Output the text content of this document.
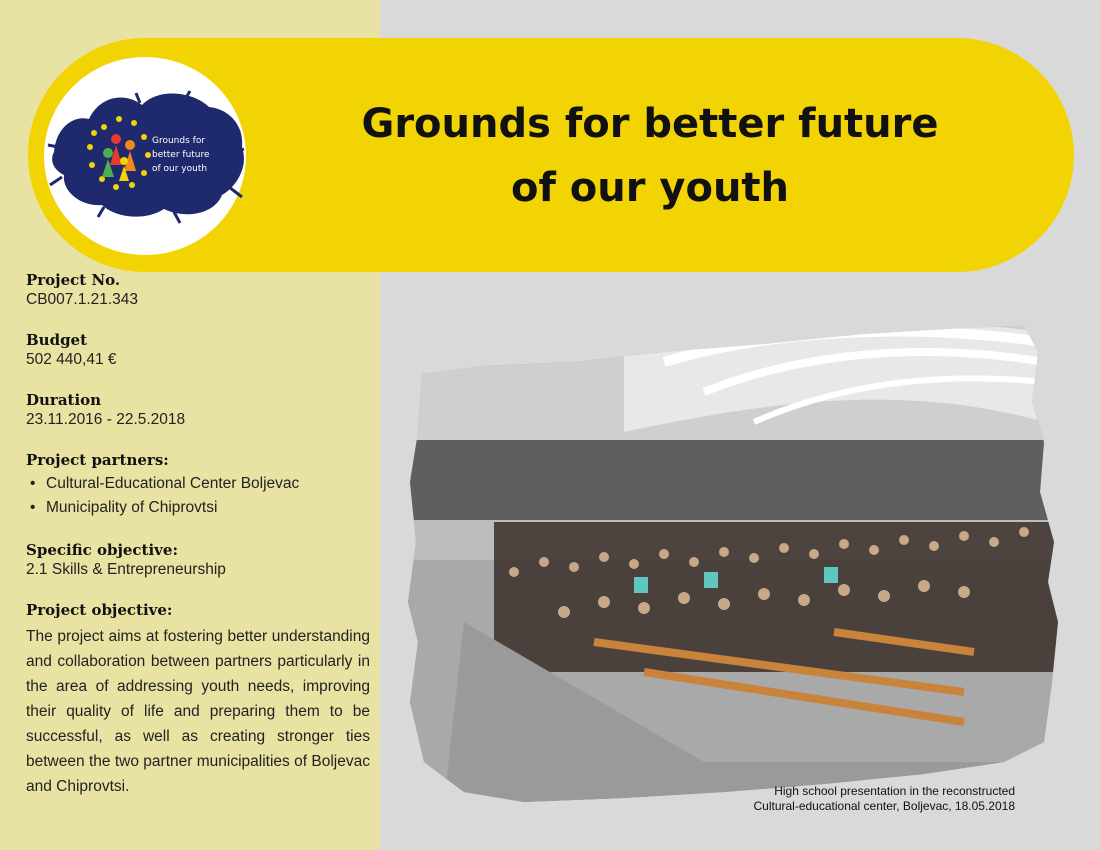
Grounds for
better future
of our youth
Grounds for better future
of our youth

Project No.

CB007.1.21.343

Budget

502 440,41 €

Duration

23.11.2016 - 22.5.2018

Project partners:

• Cultural-Educational Center Boljevac
• Municipality of Chiprovtsi

Specific objective:

2.1 Skills & Entrepreneurship

Project objective:

The project aims at fostering better understanding and collaboration between partners particularly in the area of addressing youth needs, improving their quality of life and preparing them to be successful, as well as creating stronger ties between the two partner municipalities of Boljevac and Chiprovtsi.	High school presentation in the reconstructed
Cultural-educational center, Boljevac, 18.05.2018
